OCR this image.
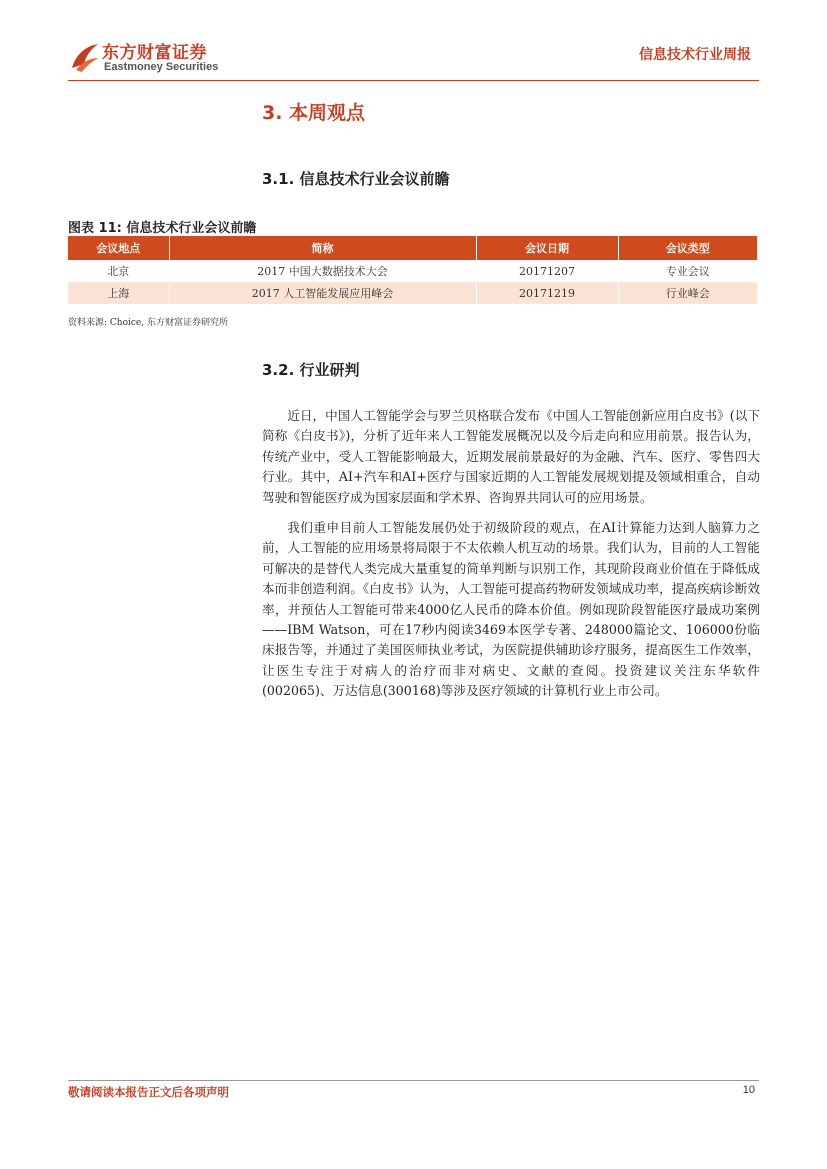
东方财富证券
Eastmoney Securities
信息技术行业周报
3. 本周观点
3.1. 信息技术行业会议前瞻
图表 11: 信息技术行业会议前瞻
会议地点	简称	会议日期	会议类型
北京	2017 中国大数据技术大会	20171207	专业会议
上海	2017 人工智能发展应用峰会	20171219	行业峰会
资料来源: Choice, 东方财富证券研究所
3.2. 行业研判

近日，中国人工智能学会与罗兰贝格联合发布《中国人工智能创新应用白皮书》(以下简称《白皮书》)，分析了近年来人工智能发展概况以及今后走向和应用前景。报告认为，传统产业中，受人工智能影响最大，近期发展前景最好的为金融、汽车、医疗、零售四大行业。其中，AI+汽车和AI+医疗与国家近期的人工智能发展规划提及领域相重合，自动驾驶和智能医疗成为国家层面和学术界、咨询界共同认可的应用场景。

我们重申目前人工智能发展仍处于初级阶段的观点，在AI计算能力达到人脑算力之前，人工智能的应用场景将局限于不太依赖人机互动的场景。我们认为，目前的人工智能可解决的是替代人类完成大量重复的简单判断与识别工作，其现阶段商业价值在于降低成本而非创造利润。《白皮书》认为，人工智能可提高药物研发领域成功率，提高疾病诊断效率，并预估人工智能可带来4000亿人民币的降本价值。例如现阶段智能医疗最成功案例——IBM Watson，可在17秒内阅读3469本医学专著、248000篇论文、106000份临床报告等，并通过了美国医师执业考试，为医院提供辅助诊疗服务，提高医生工作效率，让医生专注于对病人的治疗而非对病史、文献的查阅。投资建议关注东华软件(002065)、万达信息(300168)等涉及医疗领域的计算机行业上市公司。

敬请阅读本报告正文后各项声明	10
